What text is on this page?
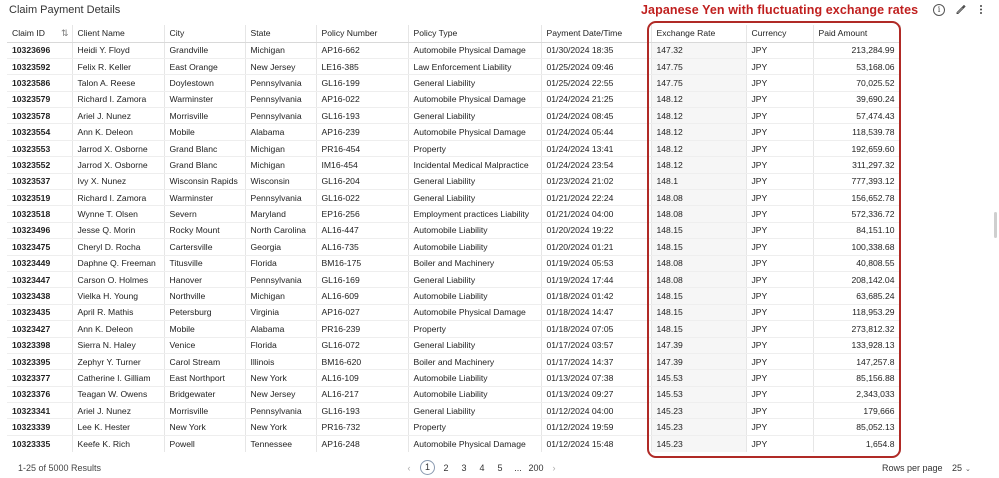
Claim Payment Details	Japanese Yen with fluctuating exchange rates	i
Claim ID ⇅	Client Name	City	State	Policy Number	Policy Type	Payment Date/Time	Exchange Rate	Currency	Paid Amount
10323696	Heidi Y. Floyd	Grandville	Michigan	AP16-662	Automobile Physical Damage	01/30/2024 18:35	147.32	JPY	213,284.99
10323592	Felix R. Keller	East Orange	New Jersey	LE16-385	Law Enforcement Liability	01/25/2024 09:46	147.75	JPY	53,168.06
10323586	Talon A. Reese	Doylestown	Pennsylvania	GL16-199	General Liability	01/25/2024 22:55	147.75	JPY	70,025.52
10323579	Richard I. Zamora	Warminster	Pennsylvania	AP16-022	Automobile Physical Damage	01/24/2024 21:25	148.12	JPY	39,690.24
10323578	Ariel J. Nunez	Morrisville	Pennsylvania	GL16-193	General Liability	01/24/2024 08:45	148.12	JPY	57,474.43
10323554	Ann K. Deleon	Mobile	Alabama	AP16-239	Automobile Physical Damage	01/24/2024 05:44	148.12	JPY	118,539.78
10323553	Jarrod X. Osborne	Grand Blanc	Michigan	PR16-454	Property	01/24/2024 13:41	148.12	JPY	192,659.60
10323552	Jarrod X. Osborne	Grand Blanc	Michigan	IM16-454	Incidental Medical Malpractice	01/24/2024 23:54	148.12	JPY	311,297.32
10323537	Ivy X. Nunez	Wisconsin Rapids	Wisconsin	GL16-204	General Liability	01/23/2024 21:02	148.1	JPY	777,393.12
10323519	Richard I. Zamora	Warminster	Pennsylvania	GL16-022	General Liability	01/21/2024 22:24	148.08	JPY	156,652.78
10323518	Wynne T. Olsen	Severn	Maryland	EP16-256	Employment practices Liability	01/21/2024 04:00	148.08	JPY	572,336.72
10323496	Jesse Q. Morin	Rocky Mount	North Carolina	AL16-447	Automobile Liability	01/20/2024 19:22	148.15	JPY	84,151.10
10323475	Cheryl D. Rocha	Cartersville	Georgia	AL16-735	Automobile Liability	01/20/2024 01:21	148.15	JPY	100,338.68
10323449	Daphne Q. Freeman	Titusville	Florida	BM16-175	Boiler and Machinery	01/19/2024 05:53	148.08	JPY	40,808.55
10323447	Carson O. Holmes	Hanover	Pennsylvania	GL16-169	General Liability	01/19/2024 17:44	148.08	JPY	208,142.04
10323438	Vielka H. Young	Northville	Michigan	AL16-609	Automobile Liability	01/18/2024 01:42	148.15	JPY	63,685.24
10323435	April R. Mathis	Petersburg	Virginia	AP16-027	Automobile Physical Damage	01/18/2024 14:47	148.15	JPY	118,953.29
10323427	Ann K. Deleon	Mobile	Alabama	PR16-239	Property	01/18/2024 07:05	148.15	JPY	273,812.32
10323398	Sierra N. Haley	Venice	Florida	GL16-072	General Liability	01/17/2024 03:57	147.39	JPY	133,928.13
10323395	Zephyr Y. Turner	Carol Stream	Illinois	BM16-620	Boiler and Machinery	01/17/2024 14:37	147.39	JPY	147,257.8
10323377	Catherine I. Gilliam	East Northport	New York	AL16-109	Automobile Liability	01/13/2024 07:38	145.53	JPY	85,156.88
10323376	Teagan W. Owens	Bridgewater	New Jersey	AL16-217	Automobile Liability	01/13/2024 09:27	145.53	JPY	2,343,033
10323341	Ariel J. Nunez	Morrisville	Pennsylvania	GL16-193	General Liability	01/12/2024 04:00	145.23	JPY	179,666
10323339	Lee K. Hester	New York	New York	PR16-732	Property	01/12/2024 19:59	145.23	JPY	85,052.13
10323335	Keefe K. Rich	Powell	Tennessee	AP16-248	Automobile Physical Damage	01/12/2024 15:48	145.23	JPY	1,654.8
1-25 of 5000 Results	‹	1	2	3	4	5	... 200 ›	Rows per page 25 ⌄
